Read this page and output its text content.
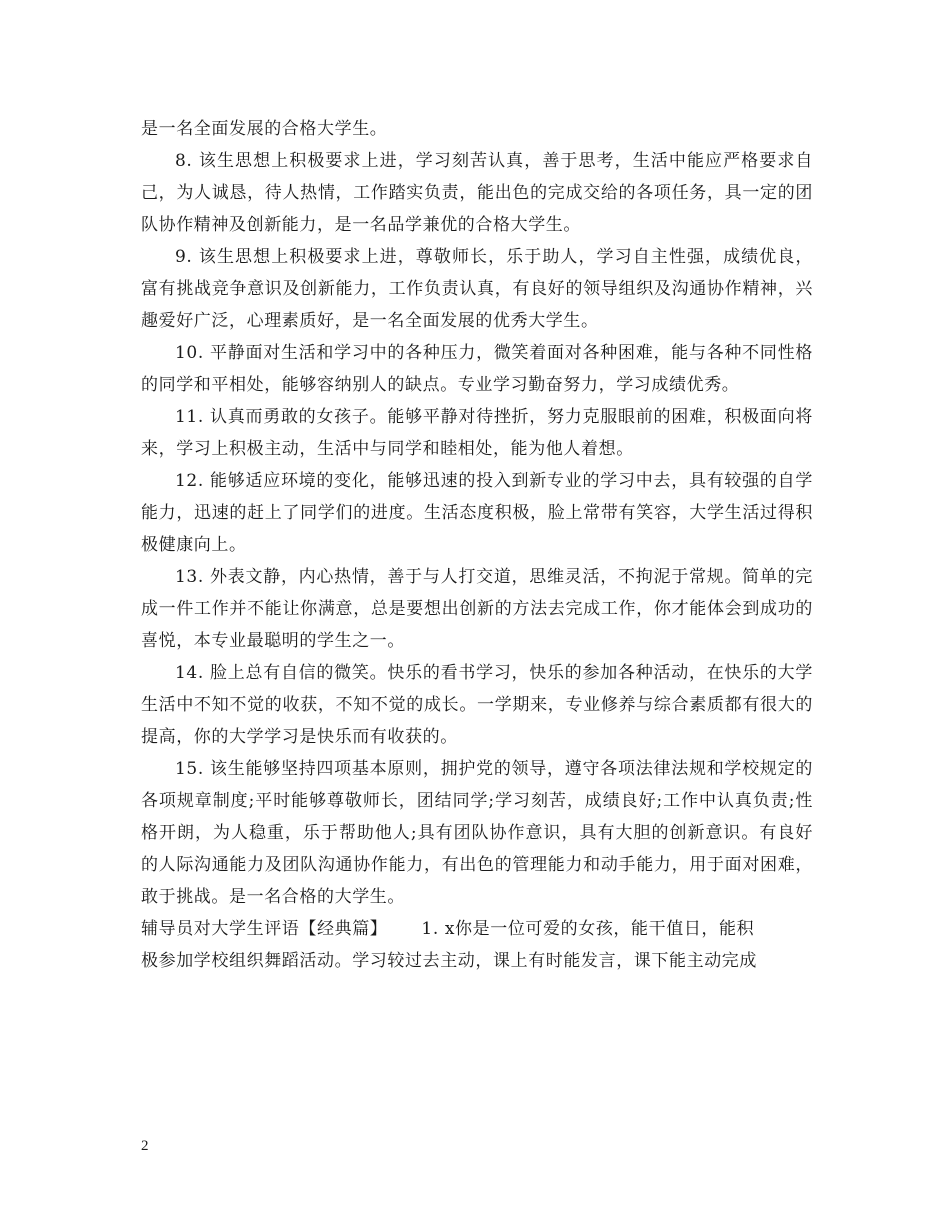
是一名全面发展的合格大学生。

8. 该生思想上积极要求上进，学习刻苦认真，善于思考，生活中能应严格要求自己，为人诚恳，待人热情，工作踏实负责，能出色的完成交给的各项任务，具一定的团队协作精神及创新能力，是一名品学兼优的合格大学生。

9. 该生思想上积极要求上进，尊敬师长，乐于助人，学习自主性强，成绩优良，富有挑战竞争意识及创新能力，工作负责认真，有良好的领导组织及沟通协作精神，兴趣爱好广泛，心理素质好，是一名全面发展的优秀大学生。

10. 平静面对生活和学习中的各种压力，微笑着面对各种困难，能与各种不同性格的同学和平相处，能够容纳别人的缺点。专业学习勤奋努力，学习成绩优秀。

11. 认真而勇敢的女孩子。能够平静对待挫折，努力克服眼前的困难，积极面向将来，学习上积极主动，生活中与同学和睦相处，能为他人着想。

12. 能够适应环境的变化，能够迅速的投入到新专业的学习中去，具有较强的自学能力，迅速的赶上了同学们的进度。生活态度积极，脸上常带有笑容，大学生活过得积极健康向上。

13. 外表文静，内心热情，善于与人打交道，思维灵活，不拘泥于常规。简单的完成一件工作并不能让你满意，总是要想出创新的方法去完成工作，你才能体会到成功的喜悦，本专业最聪明的学生之一。

14. 脸上总有自信的微笑。快乐的看书学习，快乐的参加各种活动，在快乐的大学生活中不知不觉的收获，不知不觉的成长。一学期来，专业修养与综合素质都有很大的提高，你的大学学习是快乐而有收获的。

15. 该生能够坚持四项基本原则，拥护党的领导，遵守各项法律法规和学校规定的各项规章制度;平时能够尊敬师长，团结同学;学习刻苦，成绩良好;工作中认真负责;性格开朗，为人稳重，乐于帮助他人;具有团队协作意识，具有大胆的创新意识。有良好的人际沟通能力及团队沟通协作能力，有出色的管理能力和动手能力，用于面对困难，敢于挑战。是一名合格的大学生。

辅导员对大学生评语【经典篇】 1. x你是一位可爱的女孩，能干值日，能积

极参加学校组织舞蹈活动。学习较过去主动，课上有时能发言，课下能主动完成

2
